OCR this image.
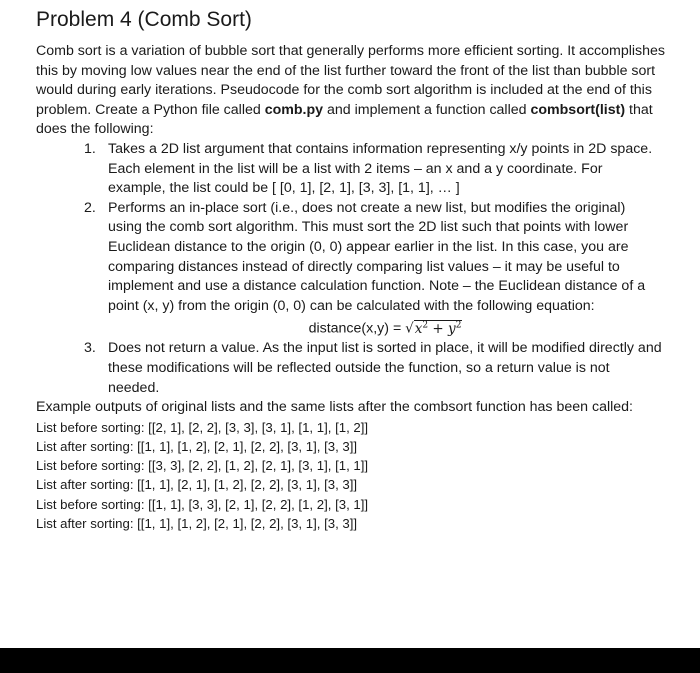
Problem 4 (Comb Sort)

Comb sort is a variation of bubble sort that generally performs more efficient sorting. It accomplishes this by moving low values near the end of the list further toward the front of the list than bubble sort would during early iterations. Pseudocode for the comb sort algorithm is included at the end of this problem. Create a Python file called comb.py and implement a function called combsort(list) that does the following:

1. Takes a 2D list argument that contains information representing x/y points in 2D space. Each element in the list will be a list with 2 items – an x and a y coordinate. For example, the list could be [ [0, 1], [2, 1], [3, 3], [1, 1], … ]
2. Performs an in-place sort (i.e., does not create a new list, but modifies the original) using the comb sort algorithm. This must sort the 2D list such that points with lower Euclidean distance to the origin (0, 0) appear earlier in the list. In this case, you are comparing distances instead of directly comparing list values – it may be useful to implement and use a distance calculation function. Note – the Euclidean distance of a point (x, y) from the origin (0, 0) can be calculated with the following equation:
distance(x,y) = $√x^2 + y^2$
3. Does not return a value. As the input list is sorted in place, it will be modified directly and these modifications will be reflected outside the function, so a return value is not needed.

Example outputs of original lists and the same lists after the combsort function has been called:

List before sorting: [[2, 1], [2, 2], [3, 3], [3, 1], [1, 1], [1, 2]]

List after sorting: [[1, 1], [1, 2], [2, 1], [2, 2], [3, 1], [3, 3]]

List before sorting: [[3, 3], [2, 2], [1, 2], [2, 1], [3, 1], [1, 1]]

List after sorting: [[1, 1], [2, 1], [1, 2], [2, 2], [3, 1], [3, 3]]

List before sorting: [[1, 1], [3, 3], [2, 1], [2, 2], [1, 2], [3, 1]]

List after sorting: [[1, 1], [1, 2], [2, 1], [2, 2], [3, 1], [3, 3]]
